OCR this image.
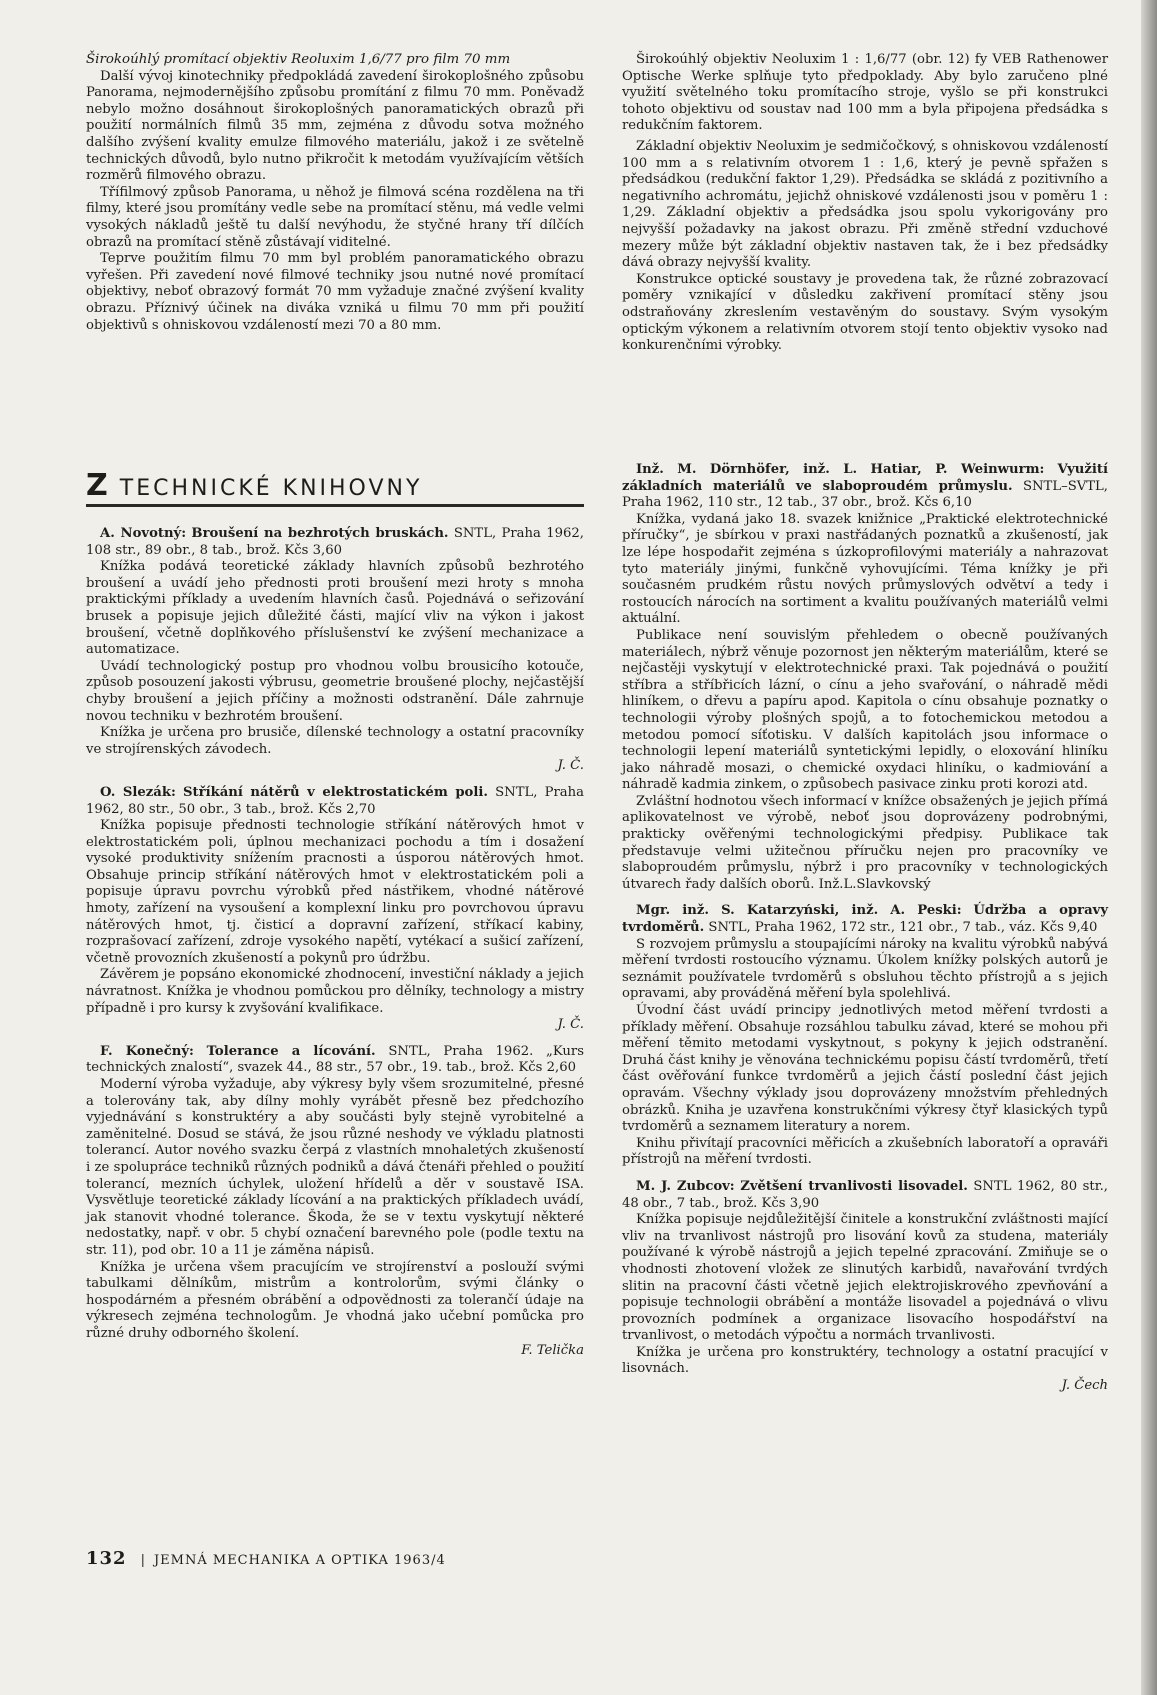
Širokoúhlý promítací objektiv Reoluxim 1,6/77 pro film 70 mm

Další vývoj kinotechniky předpokládá zavedení širokoplošného způsobu Panorama, nejmodernějšího způsobu promítání z filmu 70 mm. Poněvadž nebylo možno dosáhnout širokoplošných panoramatických obrazů při použití normálních filmů 35 mm, zejména z důvodu sotva možného dalšího zvýšení kvality emulze filmového materiálu, jakož i ze světelně technických důvodů, bylo nutno přikročit k metodám využívajícím větších rozměrů filmového obrazu.

Tříﬁlmový způsob Panorama, u něhož je filmová scéna rozdělena na tři filmy, které jsou promítány vedle sebe na promítací stěnu, má vedle velmi vysokých nákladů ještě tu další nevýhodu, že styčné hrany tří dílčích obrazů na promítací stěně zůstávají viditelné.

Teprve použitím filmu 70 mm byl problém panoramatického obrazu vyřešen. Při zavedení nové filmové techniky jsou nutné nové promítací objektivy, neboť obrazový formát 70 mm vyžaduje značné zvýšení kvality obrazu. Příznivý účinek na diváka vzniká u filmu 70 mm při použití objektivů s ohniskovou vzdáleností mezi 70 a 80 mm.

Širokoúhlý objektiv Neoluxim 1 : 1,6/77 (obr. 12) fy VEB Rathenower Optische Werke splňuje tyto předpoklady. Aby bylo zaručeno plné využití světelného toku promítacího stroje, vyšlo se při konstrukci tohoto objektivu od soustav nad 100 mm a byla připojena předsádka s redukčním faktorem.

Základní objektiv Neoluxim je sedmičočkový, s ohniskovou vzdáleností 100 mm a s relativním otvorem 1 : 1,6, který je pevně spřažen s předsádkou (redukční faktor 1,29). Předsádka se skládá z pozitivního a negativního achromátu, jejichž ohniskové vzdálenosti jsou v poměru 1 : 1,29. Základní objektiv a předsádka jsou spolu vykorigovány pro nejvyšší požadavky na jakost obrazu. Při změně střední vzduchové mezery může být základní objektiv nastaven tak, že i bez předsádky dává obrazy nejvyšší kvality.

Konstrukce optické soustavy je provedena tak, že různé zobrazovací poměry vznikající v důsledku zakřivení promítací stěny jsou odstraňovány zkreslením vestavěným do soustavy. Svým vysokým optickým výkonem a relativním otvorem stojí tento objektiv vysoko nad konkurenčními výrobky.

Z TECHNICKÉ KNIHOVNY

A. Novotný: Broušení na bezhrotých bruskách. SNTL, Praha 1962, 108 str., 89 obr., 8 tab., brož. Kčs 3,60

Knížka podává teoretické základy hlavních způsobů bezhrotého broušení a uvádí jeho přednosti proti broušení mezi hroty s mnoha praktickými příklady a uvedením hlavních časů. Pojednává o seřizování brusek a popisuje jejich důležité části, mající vliv na výkon i jakost broušení, včetně doplňkového příslušenství ke zvýšení mechanizace a automatizace.

Uvádí technologický postup pro vhodnou volbu brousicího kotouče, způsob posouzení jakosti výbrusu, geometrie broušené plochy, nejčastější chyby broušení a jejich příčiny a možnosti odstranění. Dále zahrnuje novou techniku v bezhrotém broušení.

Knížka je určena pro brusiče, dílenské technology a ostatní pracovníky ve strojírenských závodech.

J. Č.

O. Slezák: Stříkání nátěrů v elektrostatickém poli. SNTL, Praha 1962, 80 str., 50 obr., 3 tab., brož. Kčs 2,70

Knížka popisuje přednosti technologie stříkání nátěrových hmot v elektrostatickém poli, úplnou mechanizaci pochodu a tím i dosažení vysoké produktivity snížením pracnosti a úsporou nátěrových hmot. Obsahuje princip stříkání nátěrových hmot v elektrostatickém poli a popisuje úpravu povrchu výrobků před nástřikem, vhodné nátěrové hmoty, zařízení na vysoušení a komplexní linku pro povrchovou úpravu nátěrových hmot, tj. čisticí a dopravní zařízení, stříkací kabiny, rozprašovací zařízení, zdroje vysokého napětí, vytékací a sušicí zařízení, včetně provozních zkušeností a pokynů pro údržbu.

Závěrem je popsáno ekonomické zhodnocení, investiční náklady a jejich návratnost. Knížka je vhodnou pomůckou pro dělníky, technology a mistry případně i pro kursy k zvyšování kvalifikace.

J. Č.

F. Konečný: Tolerance a lícování. SNTL, Praha 1962. „Kurs technických znalostí“, svazek 44., 88 str., 57 obr., 19. tab., brož. Kčs 2,60

Moderní výroba vyžaduje, aby výkresy byly všem srozumitelné, přesné a tolerovány tak, aby dílny mohly vyrábět přesně bez předchozího vyjednávání s konstruktéry a aby součásti byly stejně vyrobitelné a zaměnitelné. Dosud se stává, že jsou různé neshody ve výkladu platnosti tolerancí. Autor nového svazku čerpá z vlastních mnohaletých zkušeností i ze spolupráce techniků různých podniků a dává čtenáři přehled o použití tolerancí, mezních úchylek, uložení hřídelů a děr v soustavě ISA. Vysvětluje teoretické základy lícování a na praktických příkladech uvádí, jak stanovit vhodné tolerance. Škoda, že se v textu vyskytují některé nedostatky, např. v obr. 5 chybí označení barevného pole (podle textu na str. 11), pod obr. 10 a 11 je záměna nápisů.

Knížka je určena všem pracujícím ve strojírenství a poslouží svými tabulkami dělníkům, mistrům a kontrolorům, svými články o hospodárném a přesném obrábění a odpovědnosti za tolerančí údaje na výkresech zejména technologům. Je vhodná jako učební pomůcka pro různé druhy odborného školení.

F. Telička

Inž. M. Dörnhöfer, inž. L. Hatiar, P. Weinwurm: Využití základních materiálů ve slaboproudém průmyslu. SNTL–SVTL, Praha 1962, 110 str., 12 tab., 37 obr., brož. Kčs 6,10

Knížka, vydaná jako 18. svazek knižnice „Praktické elektrotechnické příručky“, je sbírkou v praxi nastřádaných poznatků a zkušeností, jak lze lépe hospodařit zejména s úzkoprofilovými materiály a nahrazovat tyto materiály jinými, funkčně vyhovujícími. Téma knížky je při současném prudkém růstu nových průmyslových odvětví a tedy i rostoucích nárocích na sortiment a kvalitu používaných materiálů velmi aktuální.

Publikace není souvislým přehledem o obecně používaných materiálech, nýbrž věnuje pozornost jen některým materiálům, které se nejčastěji vyskytují v elektrotechnické praxi. Tak pojednává o použití stříbra a stříbřicích lázní, o cínu a jeho svařování, o náhradě mědi hliníkem, o dřevu a papíru apod. Kapitola o cínu obsahuje poznatky o technologii výroby plošných spojů, a to fotochemickou metodou a metodou pomocí síťotisku. V dalších kapitolách jsou informace o technologii lepení materiálů syntetickými lepidly, o eloxování hliníku jako náhradě mosazi, o chemické oxydaci hliníku, o kadmiování a náhradě kadmia zinkem, o způsobech pasivace zinku proti korozi atd.

Zvláštní hodnotou všech informací v knížce obsažených je jejich přímá aplikovatelnost ve výrobě, neboť jsou doprovázeny podrobnými, prakticky ověřenými technologickými předpisy. Publikace tak představuje velmi užitečnou příručku nejen pro pracovníky ve slaboproudém průmyslu, nýbrž i pro pracovníky v technologických útvarech řady dalších oborů. Inž.L.Slavkovský

Mgr. inž. S. Katarzyński, inž. A. Peski: Údržba a opravy tvrdoměrů. SNTL, Praha 1962, 172 str., 121 obr., 7 tab., váz. Kčs 9,40

S rozvojem průmyslu a stoupajícími nároky na kvalitu výrobků nabývá měření tvrdosti rostoucího významu. Úkolem knížky polských autorů je seznámit používatele tvrdoměrů s obsluhou těchto přístrojů a s jejich opravami, aby prováděná měření byla spolehlivá.

Úvodní část uvádí principy jednotlivých metod měření tvrdosti a příklady měření. Obsahuje rozsáhlou tabulku závad, které se mohou při měření těmito metodami vyskytnout, s pokyny k jejich odstranění. Druhá část knihy je věnována technickému popisu částí tvrdoměrů, třetí část ověřování funkce tvrdoměrů a jejich částí poslední část jejich opravám. Všechny výklady jsou doprovázeny množstvím přehledných obrázků. Kniha je uzavřena konstrukčními výkresy čtyř klasických typů tvrdoměrů a seznamem literatury a norem.

Knihu přivítají pracovníci měřicích a zkušebních laboratoří a opraváři přístrojů na měření tvrdosti.

M. J. Zubcov: Zvětšení trvanlivosti lisovadel. SNTL 1962, 80 str., 48 obr., 7 tab., brož. Kčs 3,90

Knížka popisuje nejdůležitější činitele a konstrukční zvláštnosti mající vliv na trvanlivost nástrojů pro lisování kovů za studena, materiály používané k výrobě nástrojů a jejich tepelné zpracování. Zmiňuje se o vhodnosti zhotovení vložek ze slinutých karbidů, navařování tvrdých slitin na pracovní části včetně jejich elektrojiskrového zpevňování a popisuje technologii obrábění a montáže lisovadel a pojednává o vlivu provozních podmínek a organizace lisovacího hospodářství na trvanlivost, o metodách výpočtu a normách trvanlivosti.

Knížka je určena pro konstruktéry, technology a ostatní pracující v lisovnách.

J. Čech

132 | JEMNÁ MECHANIKA A OPTIKA 1963/4
